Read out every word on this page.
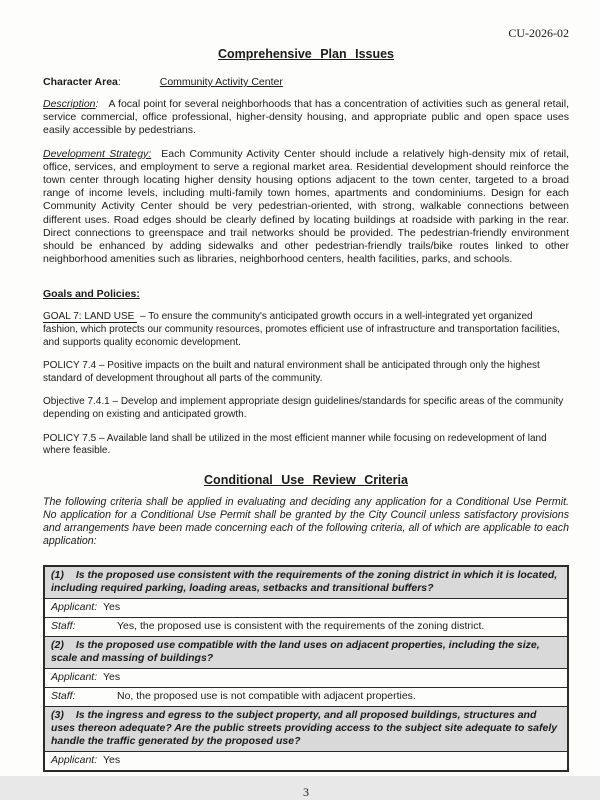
CU-2026-02
Comprehensive Plan Issues
Character Area:	Community Activity Center

Description: A focal point for several neighborhoods that has a concentration of activities such as general retail, service commercial, office professional, higher-density housing, and appropriate public and open space uses easily accessible by pedestrians.

Development Strategy: Each Community Activity Center should include a relatively high-density mix of retail, office, services, and employment to serve a regional market area. Residential development should reinforce the town center through locating higher density housing options adjacent to the town center, targeted to a broad range of income levels, including multi-family town homes, apartments and condominiums. Design for each Community Activity Center should be very pedestrian-oriented, with strong, walkable connections between different uses. Road edges should be clearly defined by locating buildings at roadside with parking in the rear. Direct connections to greenspace and trail networks should be provided. The pedestrian-friendly environment should be enhanced by adding sidewalks and other pedestrian-friendly trails/bike routes linked to other neighborhood amenities such as libraries, neighborhood centers, health facilities, parks, and schools.

Goals and Policies:

GOAL 7: LAND USE – To ensure the community's anticipated growth occurs in a well-integrated yet organized fashion, which protects our community resources, promotes efficient use of infrastructure and transportation facilities, and supports quality economic development.

POLICY 7.4 – Positive impacts on the built and natural environment shall be anticipated through only the highest standard of development throughout all parts of the community.

Objective 7.4.1 – Develop and implement appropriate design guidelines/standards for specific areas of the community depending on existing and anticipated growth.

POLICY 7.5 – Available land shall be utilized in the most efficient manner while focusing on redevelopment of land where feasible.

Conditional Use Review Criteria

The following criteria shall be applied in evaluating and deciding any application for a Conditional Use Permit. No application for a Conditional Use Permit shall be granted by the City Council unless satisfactory provisions and arrangements have been made concerning each of the following criteria, all of which are applicable to each application:

(1) Is the proposed use consistent with the requirements of the zoning district in which it is located, including required parking, loading areas, setbacks and transitional buffers?
Applicant: Yes
Staff:	Yes, the proposed use is consistent with the requirements of the zoning district.
(2) Is the proposed use compatible with the land uses on adjacent properties, including the size, scale and massing of buildings?
Applicant: Yes
Staff:	No, the proposed use is not compatible with adjacent properties.
(3) Is the ingress and egress to the subject property, and all proposed buildings, structures and uses thereon adequate? Are the public streets providing access to the subject site adequate to safely handle the traffic generated by the proposed use?
Applicant: Yes
3
